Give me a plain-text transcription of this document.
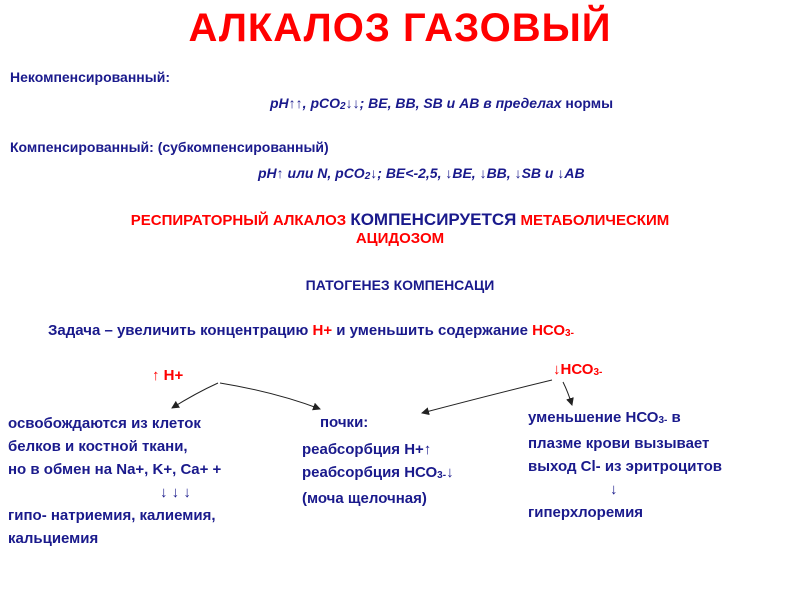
АЛКАЛОЗ ГАЗОВЫЙ
Некомпенсированный:
pH↑↑, pCO$_2$↓↓; BE, BB, SB и AB в пределах нормы
Компенсированный: (субкомпенсированный)
pH↑ или N, pCO$_2$↓; BE<-2,5, ↓BE, ↓BB, ↓SB и ↓AB
РЕСПИРАТОРНЫЙ АЛКАЛОЗ КОМПЕНСИРУЕТСЯ МЕТАБОЛИЧЕСКИМ
АЦИДОЗОМ
ПАТОГЕНЕЗ КОМПЕНСАЦИ
Задача – увеличить концентрацию Н+ и уменьшить содержание $НСО_{3-}$
↑ Н+	$↓НСО_{3-}$
освобождаются из клеток
белков и костной ткани,
но в обмен на Na+, K+, Ca+ +
↓ ↓ ↓
гипо- натриемия, калиемия,
кальциемия
почки:
реабсорбция Н+↑
реабсорбция $НСО_{3-}↓$
(моча щелочная)
уменьшение $НСО_{3-}$ в
плазме крови вызывает
выход Cl- из эритроцитов
↓
гиперхлоремия
